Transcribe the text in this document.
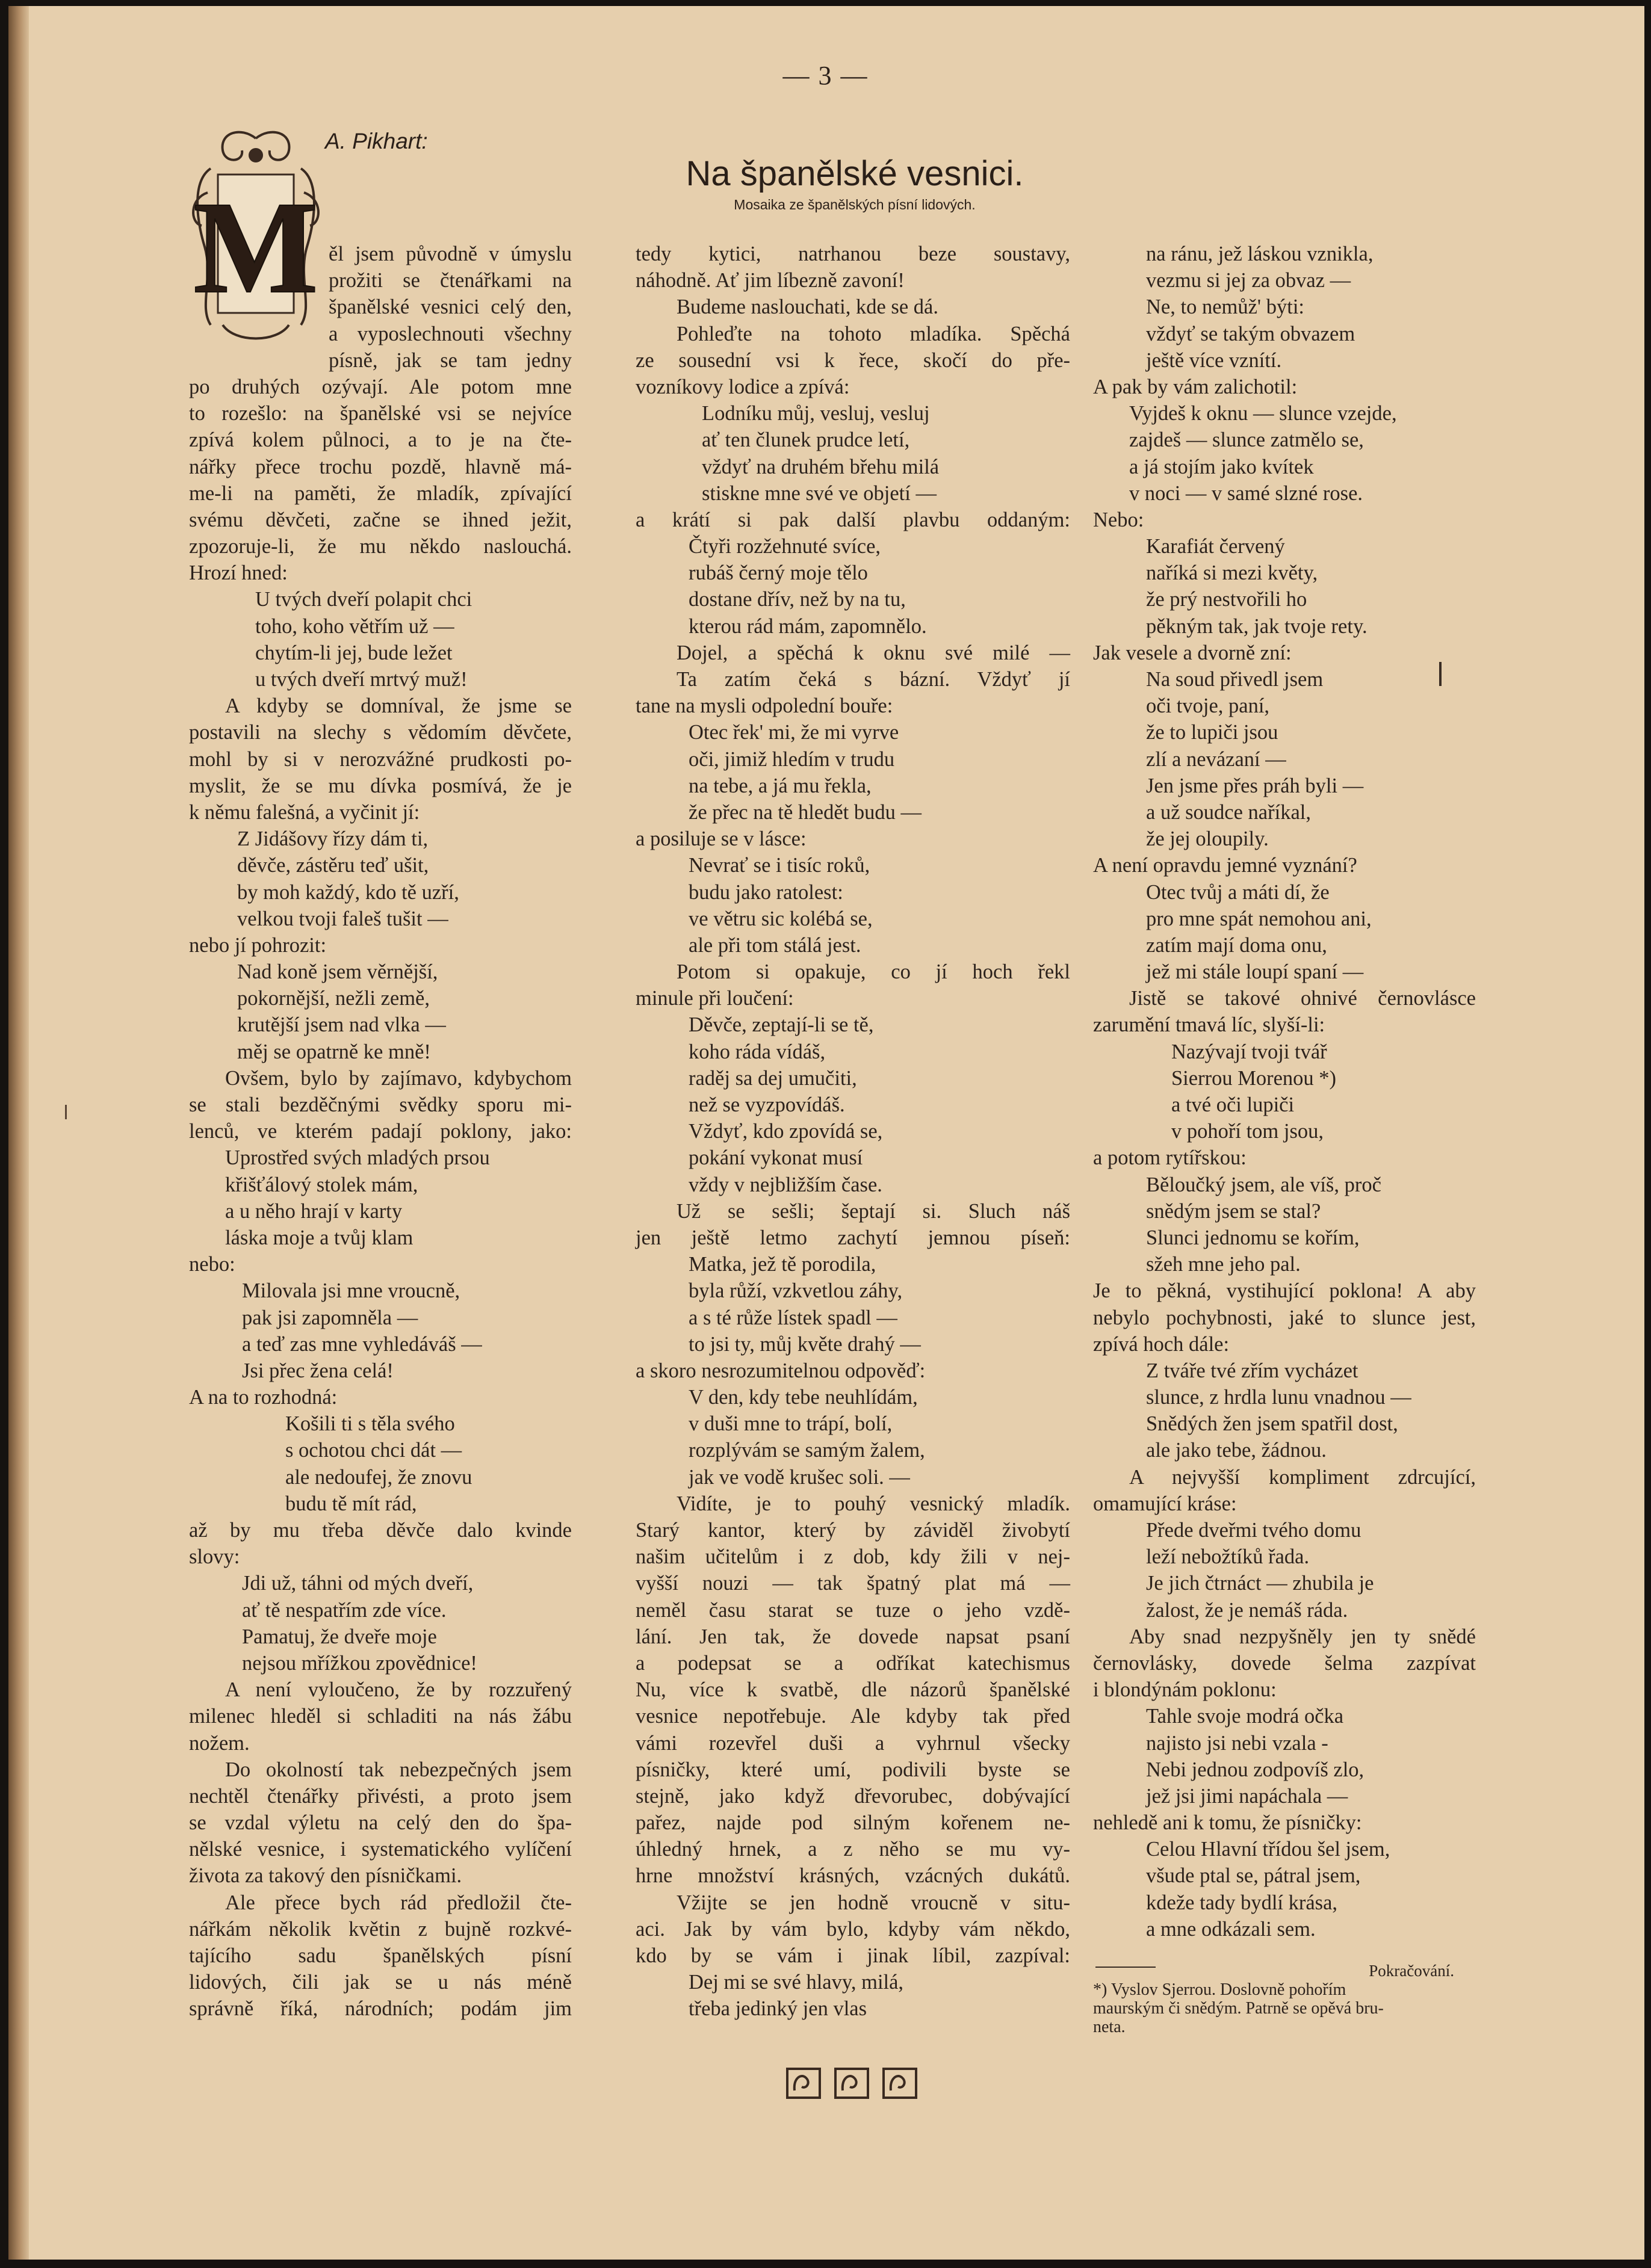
— 3 —
A. Pikhart:
Na španělské vesnici.
Mosaika ze španělských písní lidových.
M ěl jsem původně v úmyslu
prožiti se čtenářkami na
španělské vesnici celý den,
a vyposlechnouti všechny
písně, jak se tam jedny
po druhých ozývají. Ale potom mne
to rozešlo: na španělské vsi se nejvíce
zpívá kolem půlnoci, a to je na čte-
nářky přece trochu pozdě, hlavně má-
me-li na paměti, že mladík, zpívající
svému děvčeti, začne se ihned ježit,
zpozoruje-li, že mu někdo naslouchá.
Hrozí hned:
U tvých dveří polapit chci
toho, koho větřím už —
chytím-li jej, bude ležet
u tvých dveří mrtvý muž!
A kdyby se domníval, že jsme se
postavili na slechy s vědomím děvčete,
mohl by si v nerozvážné prudkosti po-
myslit, že se mu dívka posmívá, že je
k němu falešná, a vyčinit jí:
Z Jidášovy řízy dám ti,
děvče, zástěru teď ušit,
by moh každý, kdo tě uzří,
velkou tvoji faleš tušit —
nebo jí pohrozit:
Nad koně jsem věrnější,
pokornější, nežli země,
krutější jsem nad vlka —
měj se opatrně ke mně!
Ovšem, bylo by zajímavo, kdybychom
se stali bezděčnými svědky sporu mi-
lenců, ve kterém padají poklony, jako:
Uprostřed svých mladých prsou
křišťálový stolek mám,
a u něho hrají v karty
láska moje a tvůj klam
nebo:
Milovala jsi mne vroucně,
pak jsi zapomněla —
a teď zas mne vyhledáváš —
Jsi přec žena celá!
A na to rozhodná:
Košili ti s těla svého
s ochotou chci dát —
ale nedoufej, že znovu
budu tě mít rád,
až by mu třeba děvče dalo kvinde
slovy:
Jdi už, táhni od mých dveří,
ať tě nespatřím zde více.
Pamatuj, že dveře moje
nejsou mřížkou zpovědnice!
A není vyloučeno, že by rozzuřený
milenec hleděl si schladiti na nás žábu
nožem.
Do okolností tak nebezpečných jsem
nechtěl čtenářky přivésti, a proto jsem
se vzdal výletu na celý den do špa-
nělské vesnice, i systematického vylíčení
života za takový den písničkami.
Ale přece bych rád předložil čte-
nářkám několik květin z bujně rozkvé-
tajícího sadu španělských písní
lidových, čili jak se u nás méně
správně říká, národních; podám jim
tedy kytici, natrhanou beze soustavy,
náhodně. Ať jim líbezně zavoní!
Budeme naslouchati, kde se dá.
Pohleďte na tohoto mladíka. Spěchá
ze sousední vsi k řece, skočí do pře-
vozníkovy lodice a zpívá:
Lodníku můj, vesluj, vesluj
ať ten člunek prudce letí,
vždyť na druhém břehu milá
stiskne mne své ve objetí —
a krátí si pak další plavbu oddaným:
Čtyři rozžehnuté svíce,
rubáš černý moje tělo
dostane dřív, než by na tu,
kterou rád mám, zapomnělo.
Dojel, a spěchá k oknu své milé —
Ta zatím čeká s bázní. Vždyť jí
tane na mysli odpolední bouře:
Otec řek' mi, že mi vyrve
oči, jimiž hledím v trudu
na tebe, a já mu řekla,
že přec na tě hledět budu —
a posiluje se v lásce:
Nevrať se i tisíc roků,
budu jako ratolest:
ve větru sic kolébá se,
ale při tom stálá jest.
Potom si opakuje, co jí hoch řekl
minule při loučení:
Děvče, zeptají-li se tě,
koho ráda vídáš,
raděj sa dej umučiti,
než se vyzpovídáš.
Vždyť, kdo zpovídá se,
pokání vykonat musí
vždy v nejbližším čase.
Už se sešli; šeptají si. Sluch náš
jen ještě letmo zachytí jemnou píseň:
Matka, jež tě porodila,
byla růží, vzkvetlou záhy,
a s té růže lístek spadl —
to jsi ty, můj květe drahý —
a skoro nesrozumitelnou odpověď:
V den, kdy tebe neuhlídám,
v duši mne to trápí, bolí,
rozplývám se samým žalem,
jak ve vodě krušec soli. —
Vidíte, je to pouhý vesnický mladík.
Starý kantor, který by záviděl živobytí
našim učitelům i z dob, kdy žili v nej-
vyšší nouzi — tak špatný plat má —
neměl času starat se tuze o jeho vzdě-
lání. Jen tak, že dovede napsat psaní
a podepsat se a odříkat katechismus
Nu, více k svatbě, dle názorů španělské
vesnice nepotřebuje. Ale kdyby tak před
vámi rozevřel duši a vyhrnul všecky
písničky, které umí, podivili byste se
stejně, jako když dřevorubec, dobývající
pařez, najde pod silným kořenem ne-
úhledný hrnek, a z něho se mu vy-
hrne množství krásných, vzácných dukátů.
Vžijte se jen hodně vroucně v situ-
aci. Jak by vám bylo, kdyby vám někdo,
kdo by se vám i jinak líbil, zazpíval:
Dej mi se své hlavy, milá,
třeba jedinký jen vlas
na ránu, jež láskou vznikla,
vezmu si jej za obvaz —
Ne, to nemůž' býti:
vždyť se takým obvazem
ještě více vznítí.
A pak by vám zalichotil:
Vyjdeš k oknu — slunce vzejde,
zajdeš — slunce zatmělo se,
a já stojím jako kvítek
v noci — v samé slzné rose.
Nebo:
Karafiát červený
naříká si mezi květy,
že prý nestvořili ho
pěkným tak, jak tvoje rety.
Jak vesele a dvorně zní:
Na soud přivedl jsem
oči tvoje, paní,
že to lupiči jsou
zlí a nevázaní —
Jen jsme přes práh byli —
a už soudce naříkal,
že jej oloupily.
A není opravdu jemné vyznání?
Otec tvůj a máti dí, že
pro mne spát nemohou ani,
zatím mají doma onu,
jež mi stále loupí spaní —
Jistě se takové ohnivé černovlásce
zarumění tmavá líc, slyší-li:
Nazývají tvoji tvář
Sierrou Morenou *)
a tvé oči lupiči
v pohoří tom jsou,
a potom rytířskou:
Běloučký jsem, ale víš, proč
snědým jsem se stal?
Slunci jednomu se kořím,
sžeh mne jeho pal.
Je to pěkná, vystihující poklona! A aby
nebylo pochybnosti, jaké to slunce jest,
zpívá hoch dále:
Z tváře tvé zřím vycházet
slunce, z hrdla lunu vnadnou —
Snědých žen jsem spatřil dost,
ale jako tebe, žádnou.
A nejvyšší kompliment zdrcující,
omamující kráse:
Přede dveřmi tvého domu
leží nebožtíků řada.
Je jich čtrnáct — zhubila je
žalost, že je nemáš ráda.
Aby snad nezpyšněly jen ty snědé
černovlásky, dovede šelma zazpívat
i blondýnám poklonu:
Tahle svoje modrá očka
najisto jsi nebi vzala -
Nebi jednou zodpovíš zlo,
jež jsi jimi napáchala —
nehledě ani k tomu, že písničky:
Celou Hlavní třídou šel jsem,
všude ptal se, pátral jsem,
kdeže tady bydlí krása,
a mne odkázali sem.
Pokračování.
*) Vyslov Sjerrou. Doslovně pohořím
maurským či snědým. Patrně se opěvá bru-
neta.
